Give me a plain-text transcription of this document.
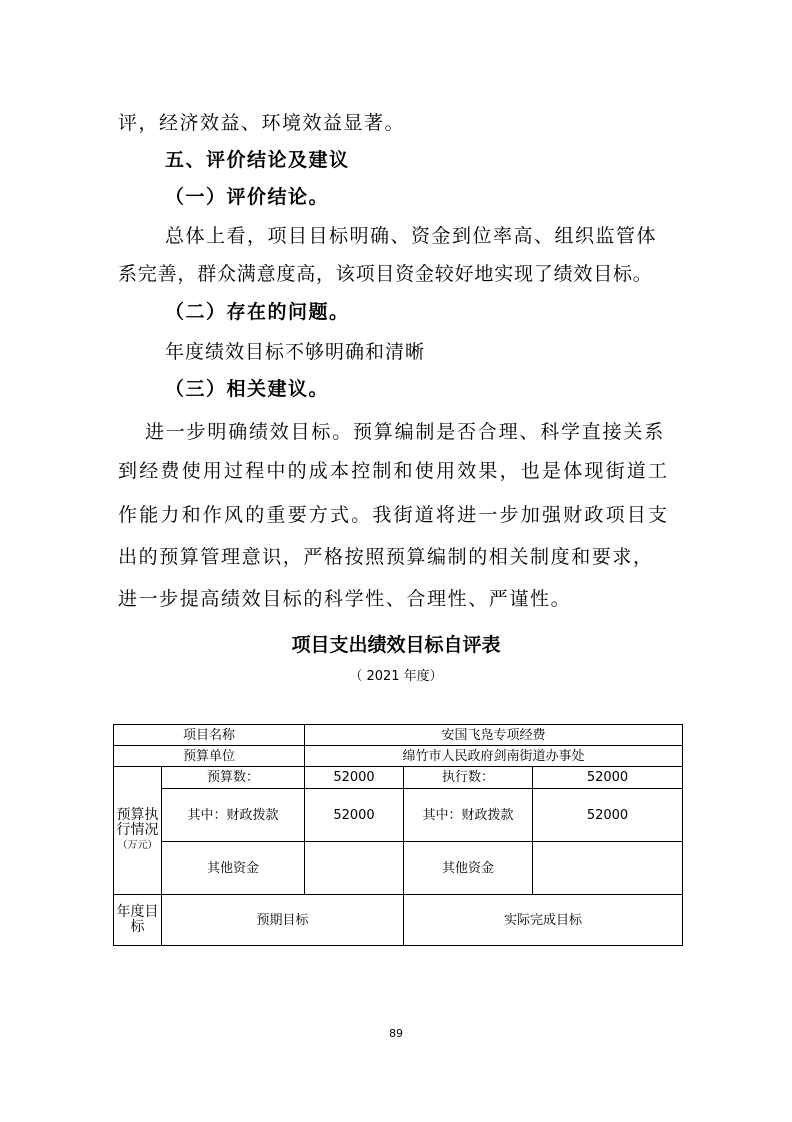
评，经济效益、环境效益显著。
五、评价结论及建议
（一）评价结论。
总体上看，项目目标明确、资金到位率高、组织监管体
系完善，群众满意度高，该项目资金较好地实现了绩效目标。
（二）存在的问题。
年度绩效目标不够明确和清晰
（三）相关建议。
进一步明确绩效目标。预算编制是否合理、科学直接关系
到经费使用过程中的成本控制和使用效果，也是体现街道工
作能力和作风的重要方式。我街道将进一步加强财政项目支
出的预算管理意识，严格按照预算编制的相关制度和要求，
进一步提高绩效目标的科学性、合理性、严谨性。
项目支出绩效目标自评表
（ 2021 年度）
项目名称		安国飞凫专项经费		
预算单位		绵竹市人民政府剑南街道办事处		
预算执行情况
（万元）	预算数：	52000	执行数：	52000
	其中：财政拨款	52000	其中：财政拨款	52000
	其他资金		其他资金	
年度目标	预期目标		实际完成目标	
89
